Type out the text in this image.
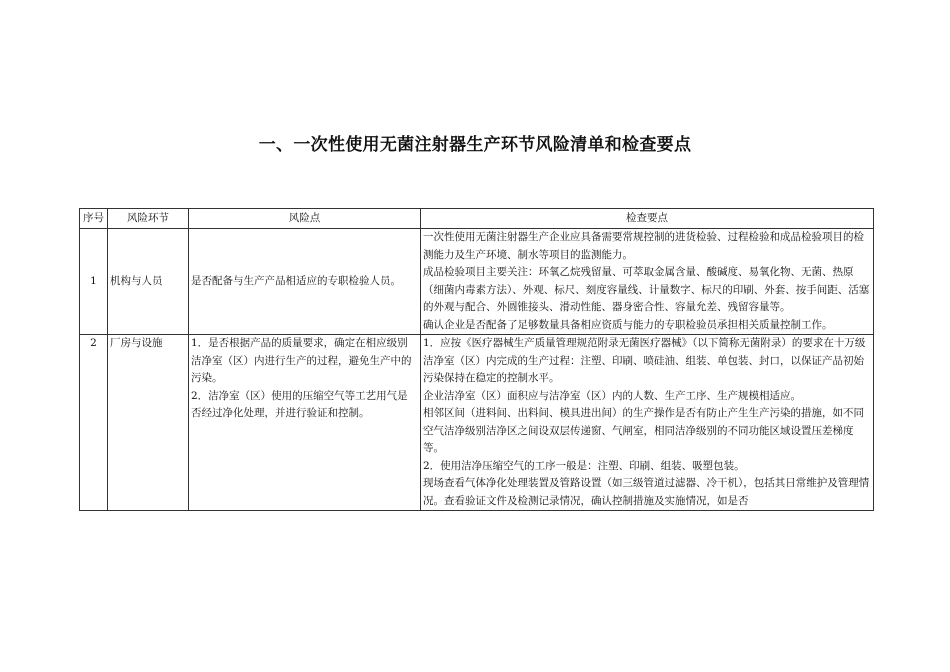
一、一次性使用无菌注射器生产环节风险清单和检查要点
序号	风险环节	风险点	检查要点
1	机构与人员	是否配备与生产产品相适应的专职检验人员。	一次性使用无菌注射器生产企业应具备需要常规控制的进货检验、过程检验和成品检验项目的检测能力及生产环境、制水等项目的监测能力。
成品检验项目主要关注：环氧乙烷残留量、可萃取金属含量、酸碱度、易氧化物、无菌、热原（细菌内毒素方法）、外观、标尺、刻度容量线、计量数字、标尺的印刷、外套、按手间距、活塞的外观与配合、外圆锥接头、滑动性能、器身密合性、容量允差、残留容量等。
确认企业是否配备了足够数量具备相应资质与能力的专职检验员承担相关质量控制工作。

2	厂房与设施	1．是否根据产品的质量要求，确定在相应级别洁净室（区）内进行生产的过程，避免生产中的污染。
2．洁净室（区）使用的压缩空气等工艺用气是否经过净化处理，并进行验证和控制。	1．应按《医疗器械生产质量管理规范附录无菌医疗器械》（以下简称无菌附录）的要求在十万级洁净室（区）内完成的生产过程：注塑、印刷、喷硅油、组装、单包装、封口，以保证产品初始污染保持在稳定的控制水平。
企业洁净室（区）面积应与洁净室（区）内的人数、生产工序、生产规模相适应。
相邻区间（进料间、出料间、模具进出间）的生产操作是否有防止产生生产污染的措施，如不同空气洁净级别洁净区之间设双层传递窗、气闸室，相同洁净级别的不同功能区域设置压差梯度等。
2．使用洁净压缩空气的工序一般是：注塑、印刷、组装、吸塑包装。
现场查看气体净化处理装置及管路设置（如三级管道过滤器、冷干机），包括其日常维护及管理情况。查看验证文件及检测记录情况，确认控制措施及实施情况，如是否
